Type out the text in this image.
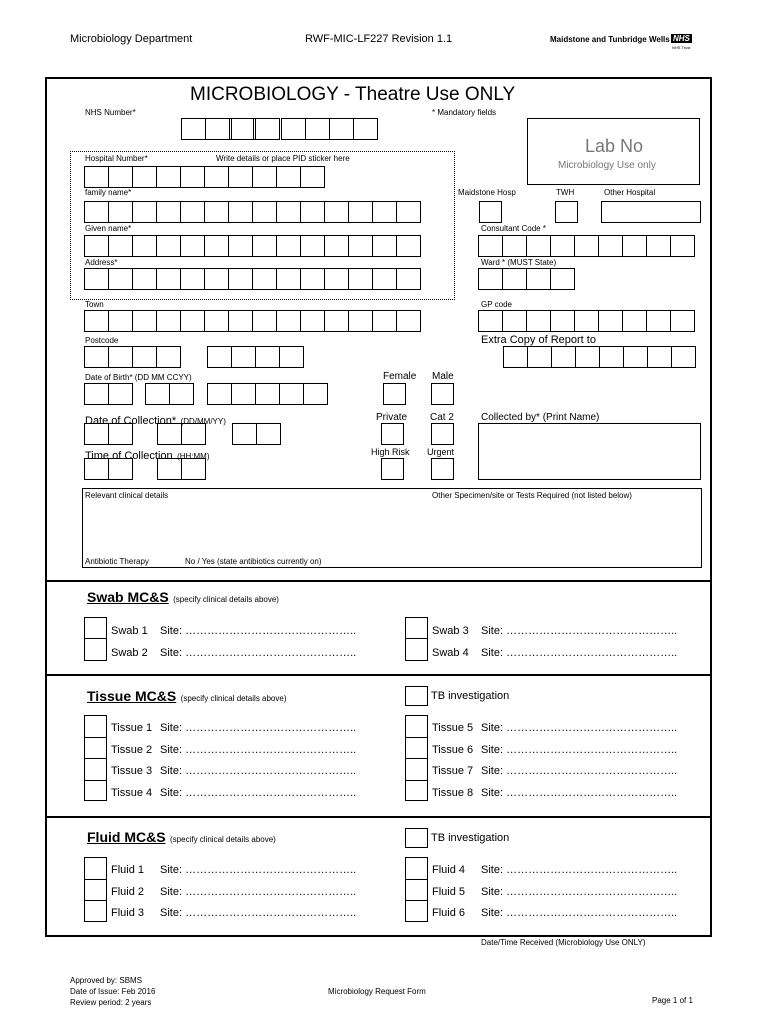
Microbiology Department	RWF-MIC-LF227 Revision 1.1	Maidstone and Tunbridge Wells NHS
NHS Trust
MICROBIOLOGY - Theatre Use ONLY
* Mandatory fields
Lab No
Microbiology Use only
NHS Number*
Hospital Number*	Write details or place PID sticker here
family name*
Given name*
Address*
Town
Postcode
Date of Birth* (DD MM CCYY)	Female Male
Date of Collection* (DD/MM/YY)	Private Cat 2
Time of Collection (HH:MM)	High Risk Urgent
Maidstone Hosp	TWH	Other Hospital
Consultant Code *
Ward * (MUST State)
GP code
Extra Copy of Report to
Collected by* (Print Name)
Relevant clinical details	Other Specimen/site or Tests Required (not listed below)
Antibiotic Therapy	No / Yes (state antibiotics currently on)
Swab MC&S (specify clinical details above)
Swab 1 Site: ………………………………………..
Swab 2 Site: ………………………………………..
Swab 3 Site: ………………………………………..
Swab 4 Site: ………………………………………..
Tissue MC&S (specify clinical details above)	TB investigation
Tissue 1 Site: ………………………………………..
Tissue 2 Site: ………………………………………..
Tissue 3 Site: ………………………………………..
Tissue 4 Site: ………………………………………..
Tissue 5 Site: ………………………………………..
Tissue 6 Site: ………………………………………..
Tissue 7 Site: ………………………………………..
Tissue 8 Site: ………………………………………..
Fluid MC&S (specify clinical details above)	TB investigation
Fluid 1 Site: ………………………………………..
Fluid 2 Site: ………………………………………..
Fluid 3 Site: ………………………………………..
Fluid 4 Site: ………………………………………..
Fluid 5 Site: ………………………………………..
Fluid 6 Site: ………………………………………..
Date/Time Received (Microbiology Use ONLY)
Approved by: SBMS
Date of Issue: Feb 2016
Review period: 2 years
Microbiology Request Form
Page 1 of 1
